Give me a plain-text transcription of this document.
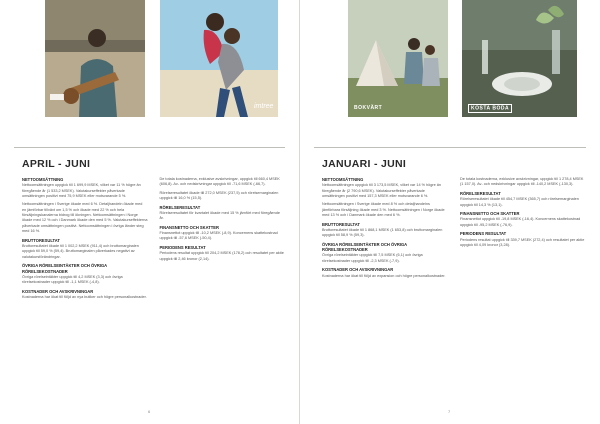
imtree
APRIL - JUNI
NETTOOMSÄTTNING

Nettoomsättningen uppgick till 1 699,9 MSEK, vilket var 11 % högre än föregående år (1 533,2 MSEK). Valutakurseffekter påverkade omsättningen positivt med 75,9 MSEK eller motsvarande 5 %.

Nettoomsättningen i Sverige ökade med 6 %. Detaljhandeln ökade med en jämförbar tillväxt om 1,5 % och ökade med 22 % och hela försäljningskanalerna bidrog till ökningen. Nettoomsättningen i Norge ökade med 12 % och i Danmark ökade den med 5 %. Valutakurseffekterna påverkade omsättningen positivt. Nettoomsättningen i övriga länder steg med 16 %.

BRUTTORESULTAT

Bruttoresultatet ökade till 1 002,2 MSEK (911,4) och bruttomarginalen uppgick till 59,0 % (59,4). Bruttomarginalen påverkades negativt av valutakursförändringar.

ÖVRIGA RÖRELSEINTÄKTER OCH ÖVRIGA RÖRELSEKOSTNADER

Övriga rörelseintäkter uppgick till 4,2 MSEK (3,3) och övriga rörelsekostnader uppgick till -1,1 MSEK (-4,8).

KOSTNADER OCH AVSKRIVNINGAR

Kostnaderna har ökat till följd av nya butiker och högre personalkostnader.

De totala kostnaderna, exklusive avskrivningar, uppgick till 660,4 MSEK (606,8). Av- och nedskrivningar uppgick till -71,6 MSEK (-66,7).

Rörelseresultatet ökade till 272,0 MSEK (237,5) och rörelsemarginalen uppgick till 16,0 % (15,5).

RÖRELSERESULTAT

Rörelseresultatet för kvartalet ökade med 15 % jämfört med föregående år.

FINANSNETTO OCH SKATTER

Finansnettot uppgick till -10,2 MSEK (-8,9). Koncernens skattekostnad uppgick till -57,6 MSEK (-50,4).

PERIODENS RESULTAT

Periodens resultat uppgick till 204,2 MSEK (178,2) och resultatet per aktie uppgick till 2,46 kronor (2,14).

6
BOKVÄRT	KOSTA BODA
JANUARI - JUNI
NETTOOMSÄTTNING

Nettoomsättningen uppgick till 3 173,5 MSEK, vilket var 14 % högre än föregående år (2 790,6 MSEK). Valutakurseffekter påverkade omsättningen positivt med 157,3 MSEK eller motsvarande 6 %.

Nettoomsättningen i Sverige ökade med 8 % och detaljhandelns jämförbara försäljning ökade med 3 %. Nettoomsättningen i Norge ökade med 13 % och i Danmark ökade den med 6 %.

BRUTTORESULTAT

Bruttoresultatet ökade till 1 868,1 MSEK (1 653,8) och bruttomarginalen uppgick till 58,9 % (59,3).

ÖVRIGA RÖRELSEINTÄKTER OCH ÖVRIGA RÖRELSEKOSTNADER

Övriga rörelseintäkter uppgick till 7,5 MSEK (6,1) och övriga rörelsekostnader uppgick till -2,3 MSEK (-7,9).

KOSTNADER OCH AVSKRIVNINGAR

Kostnaderna har ökat till följd av expansion och högre personalkostnader.

De totala kostnaderna, exklusive avskrivningar, uppgick till 1 278,4 MSEK (1 157,0). Av- och nedskrivningar uppgick till -140,2 MSEK (-130,3).

RÖRELSERESULTAT

Rörelseresultatet ökade till 454,7 MSEK (365,7) och rörelsemarginalen uppgick till 14,3 % (13,1).

FINANSNETTO OCH SKATTER

Finansnettot uppgick till -19,8 MSEK (-16,4). Koncernens skattekostnad uppgick till -95,2 MSEK (-76,9).

PERIODENS RESULTAT

Periodens resultat uppgick till 339,7 MSEK (272,4) och resultatet per aktie uppgick till 4,09 kronor (3,28).

7
